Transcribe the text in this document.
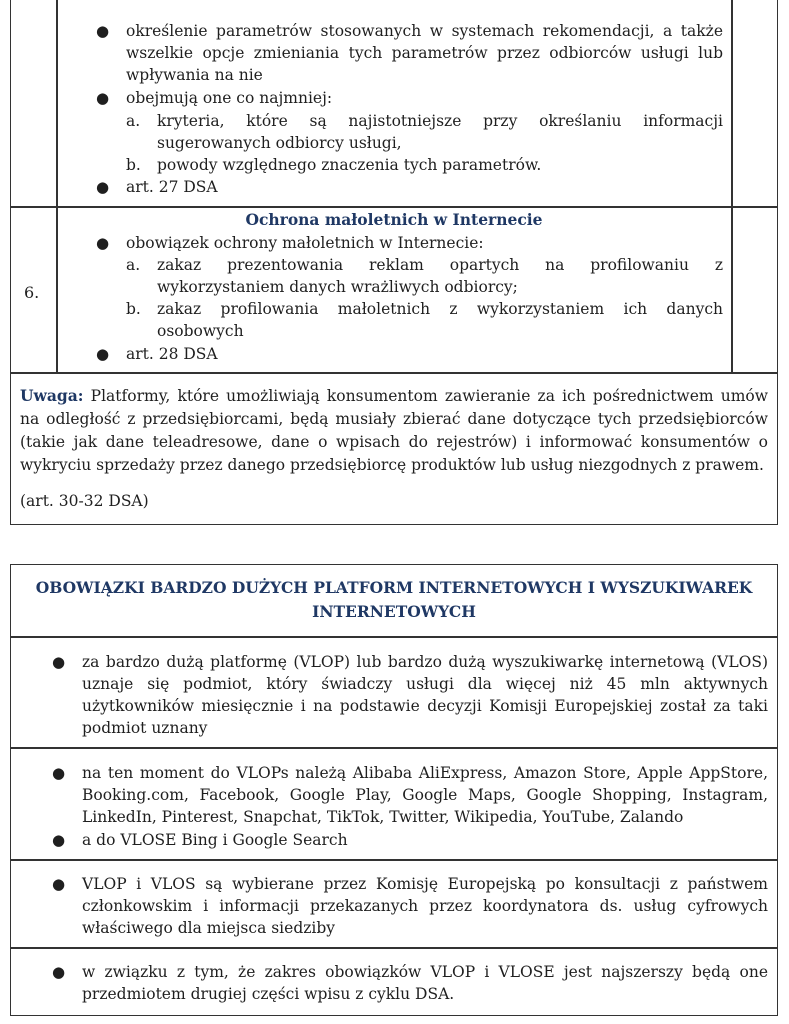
● określenie parametrów stosowanych w systemach rekomendacji, a także
wszelkie opcje zmieniania tych parametrów przez odbiorców usługi lub
wpływania na nie
● obejmują one co najmniej:
a. kryteria, które są najistotniejsze przy określaniu informacji
sugerowanych odbiorcy usługi,
b. powody względnego znaczenia tych parametrów.
● art. 27 DSA
6.
Ochrona małoletnich w Internecie
● obowiązek ochrony małoletnich w Internecie:
a. zakaz prezentowania reklam opartych na profilowaniu z
wykorzystaniem danych wrażliwych odbiorcy;
b. zakaz profilowania małoletnich z wykorzystaniem ich danych
osobowych
● art. 28 DSA
Uwaga: Platformy, które umożliwiają konsumentom zawieranie za ich pośrednictwem umów
na odległość z przedsiębiorcami, będą musiały zbierać dane dotyczące tych przedsiębiorców
(takie jak dane teleadresowe, dane o wpisach do rejestrów) i informować konsumentów o
wykryciu sprzedaży przez danego przedsiębiorcę produktów lub usług niezgodnych z prawem.
(art. 30-32 DSA)
OBOWIĄZKI BARDZO DUŻYCH PLATFORM INTERNETOWYCH I WYSZUKIWAREK
INTERNETOWYCH
● za bardzo dużą platformę (VLOP) lub bardzo dużą wyszukiwarkę internetową (VLOS)
uznaje się podmiot, który świadczy usługi dla więcej niż 45 mln aktywnych
użytkowników miesięcznie i na podstawie decyzji Komisji Europejskiej został za taki
podmiot uznany
● na ten moment do VLOPs należą Alibaba AliExpress, Amazon Store, Apple AppStore,
Booking.com, Facebook, Google Play, Google Maps, Google Shopping, Instagram,
LinkedIn, Pinterest, Snapchat, TikTok, Twitter, Wikipedia, YouTube, Zalando
● a do VLOSE Bing i Google Search
● VLOP i VLOS są wybierane przez Komisję Europejską po konsultacji z państwem
członkowskim i informacji przekazanych przez koordynatora ds. usług cyfrowych
właściwego dla miejsca siedziby
● w związku z tym, że zakres obowiązków VLOP i VLOSE jest najszerszy będą one
przedmiotem drugiej części wpisu z cyklu DSA.
